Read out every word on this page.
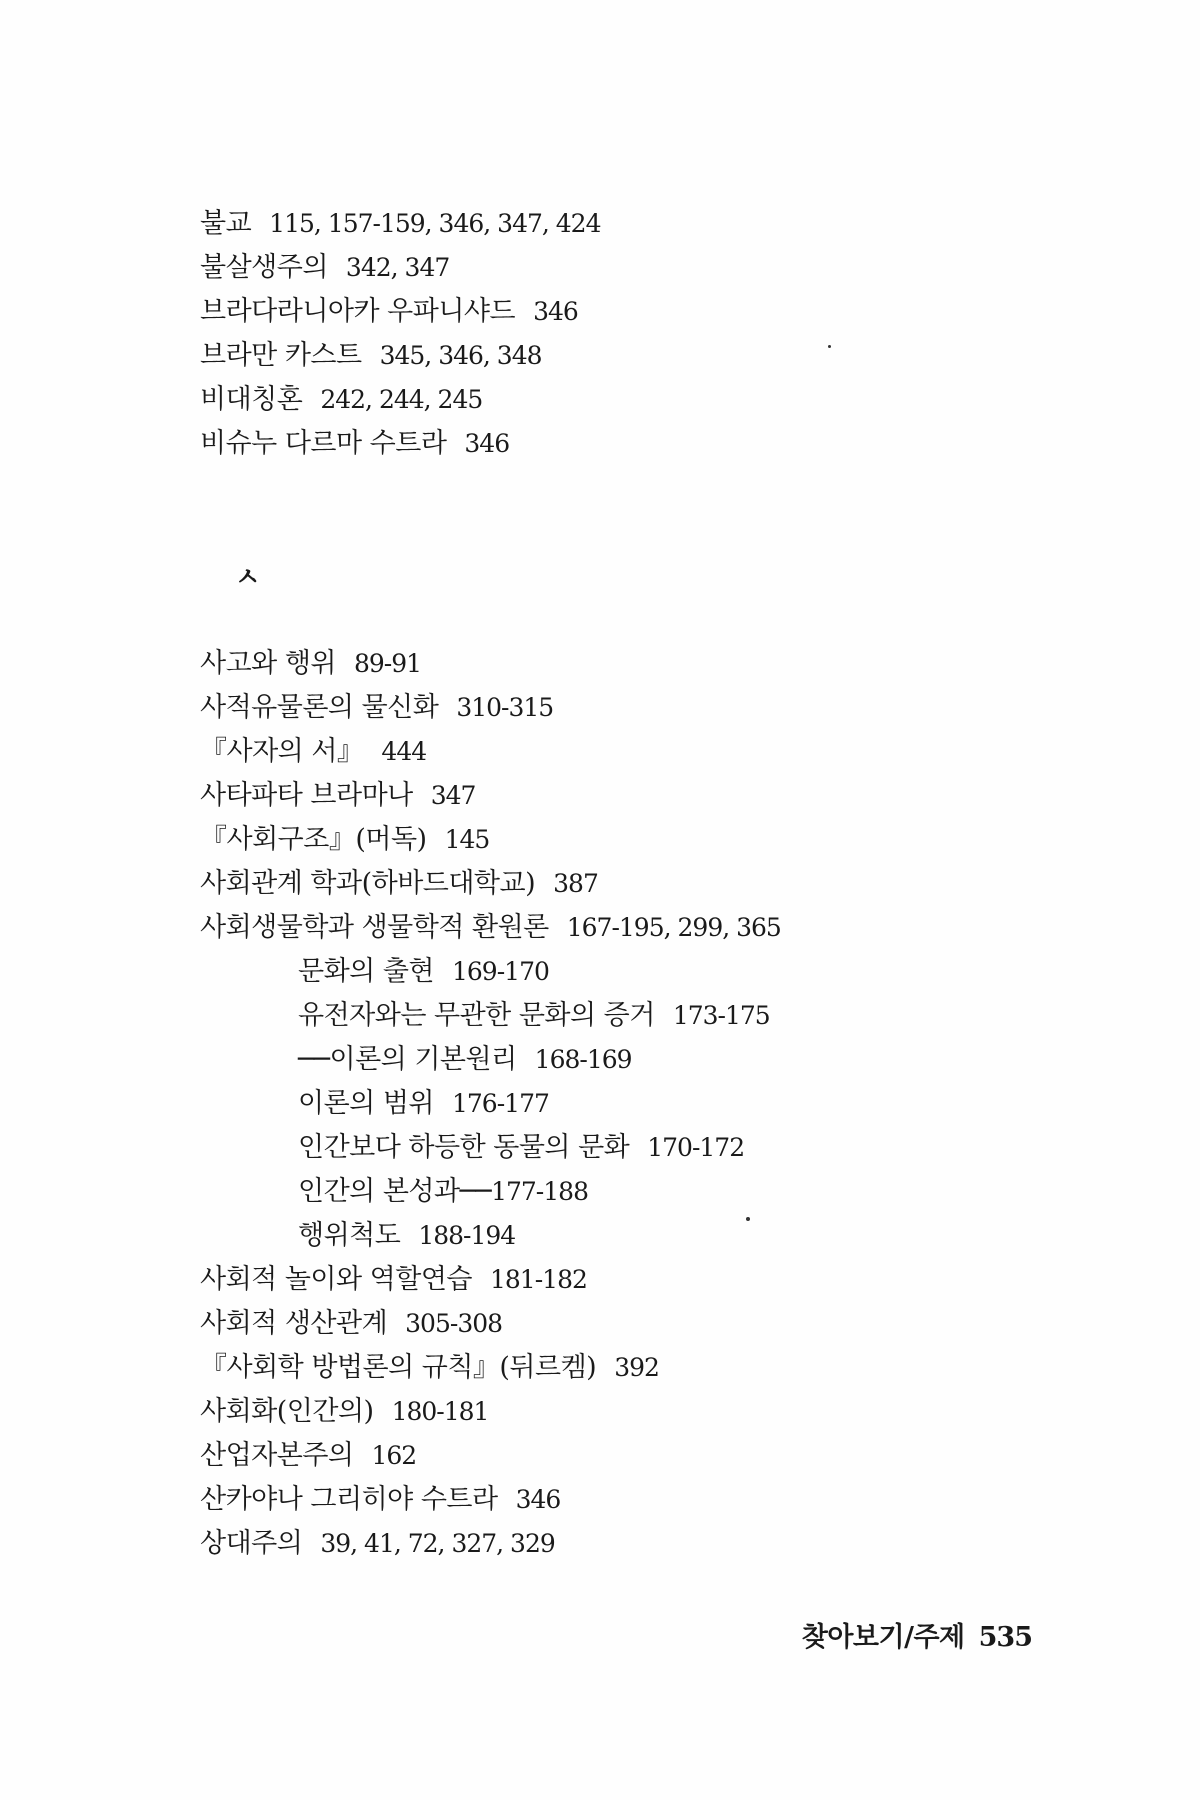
불교 115, 157-159, 346, 347, 424
불살생주의 342, 347
브라다라니아카 우파니샤드 346
브라만 카스트 345, 346, 348
비대칭혼 242, 244, 245
비슈누 다르마 수트라 346
ㅅ
사고와 행위 89-91
사적유물론의 물신화 310-315
『사자의 서』 444
사타파타 브라마나 347
『사회구조』(머독) 145
사회관계 학과(하바드대학교) 387
사회생물학과 생물학적 환원론 167-195, 299, 365
문화의 출현 169-170
유전자와는 무관한 문화의 증거 173-175
──이론의 기본원리 168-169
이론의 범위 176-177
인간보다 하등한 동물의 문화 170-172
인간의 본성과──177-188
행위척도 188-194
사회적 놀이와 역할연습 181-182
사회적 생산관계 305-308
『사회학 방법론의 규칙』(뒤르켐) 392
사회화(인간의) 180-181
산업자본주의 162
산카야나 그리히야 수트라 346
상대주의 39, 41, 72, 327, 329
찾아보기/주제 535
